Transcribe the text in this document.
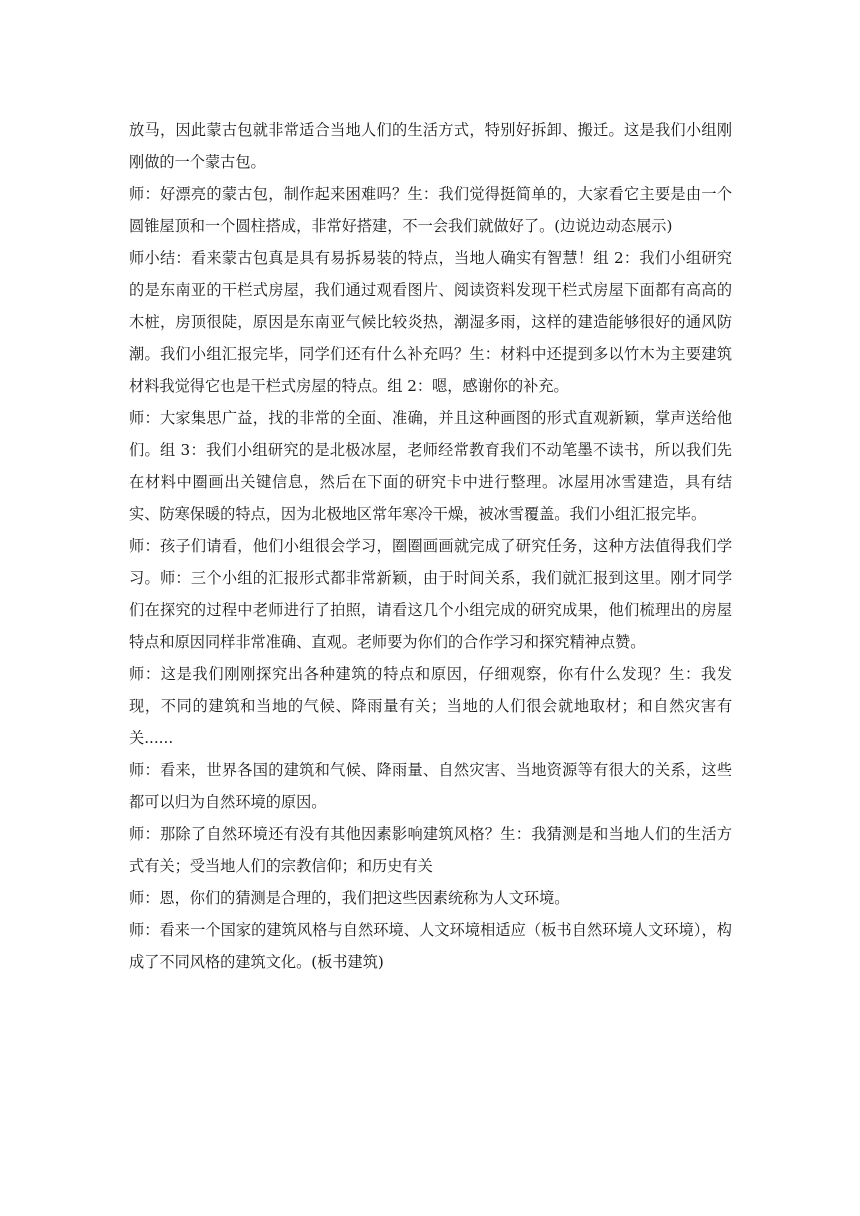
放马，因此蒙古包就非常适合当地人们的生活方式，特别好拆卸、搬迁。这是我们小组刚刚做的一个蒙古包。

师：好漂亮的蒙古包，制作起来困难吗？生：我们觉得挺简单的，大家看它主要是由一个圆锥屋顶和一个圆柱搭成，非常好搭建，不一会我们就做好了。(边说边动态展示)

师小结：看来蒙古包真是具有易拆易装的特点，当地人确实有智慧！组 2：我们小组研究的是东南亚的干栏式房屋，我们通过观看图片、阅读资料发现干栏式房屋下面都有高高的木桩，房顶很陡，原因是东南亚气候比较炎热，潮湿多雨，这样的建造能够很好的通风防潮。我们小组汇报完毕，同学们还有什么补充吗？生：材料中还提到多以竹木为主要建筑材料我觉得它也是干栏式房屋的特点。组 2：嗯，感谢你的补充。

师：大家集思广益，找的非常的全面、准确，并且这种画图的形式直观新颖，掌声送给他们。组 3：我们小组研究的是北极冰屋，老师经常教育我们不动笔墨不读书，所以我们先在材料中圈画出关键信息，然后在下面的研究卡中进行整理。冰屋用冰雪建造，具有结实、防寒保暖的特点，因为北极地区常年寒冷干燥，被冰雪覆盖。我们小组汇报完毕。

师：孩子们请看，他们小组很会学习，圈圈画画就完成了研究任务，这种方法值得我们学习。师：三个小组的汇报形式都非常新颖，由于时间关系，我们就汇报到这里。刚才同学们在探究的过程中老师进行了拍照，请看这几个小组完成的研究成果，他们梳理出的房屋特点和原因同样非常准确、直观。老师要为你们的合作学习和探究精神点赞。

师：这是我们刚刚探究出各种建筑的特点和原因，仔细观察，你有什么发现？生：我发现，不同的建筑和当地的气候、降雨量有关；当地的人们很会就地取材；和自然灾害有关......

师：看来，世界各国的建筑和气候、降雨量、自然灾害、当地资源等有很大的关系，这些都可以归为自然环境的原因。

师：那除了自然环境还有没有其他因素影响建筑风格？生：我猜测是和当地人们的生活方式有关；受当地人们的宗教信仰；和历史有关

师：恩，你们的猜测是合理的，我们把这些因素统称为人文环境。

师：看来一个国家的建筑风格与自然环境、人文环境相适应（板书自然环境人文环境），构成了不同风格的建筑文化。(板书建筑)
